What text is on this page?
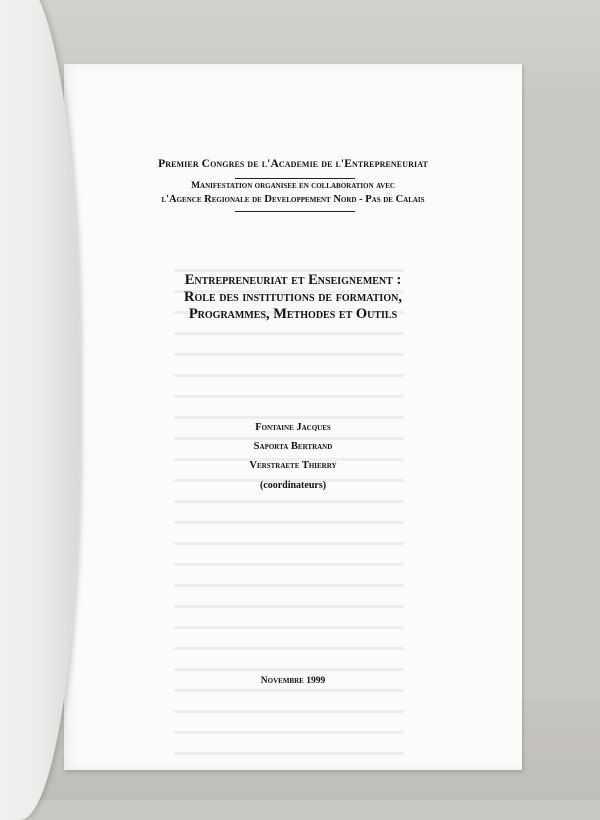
Premier Congres de l'Academie de l'Entrepreneuriat
Manifestation organisee en collaboration avec
l'Agence Regionale de Developpement Nord - Pas de Calais
Entrepreneuriat et Enseignement :
Role des institutions de formation,
Programmes, Methodes et Outils
Fontaine Jacques
Saporta Bertrand
Verstraete Thierry
(coordinateurs)
Novembre 1999
